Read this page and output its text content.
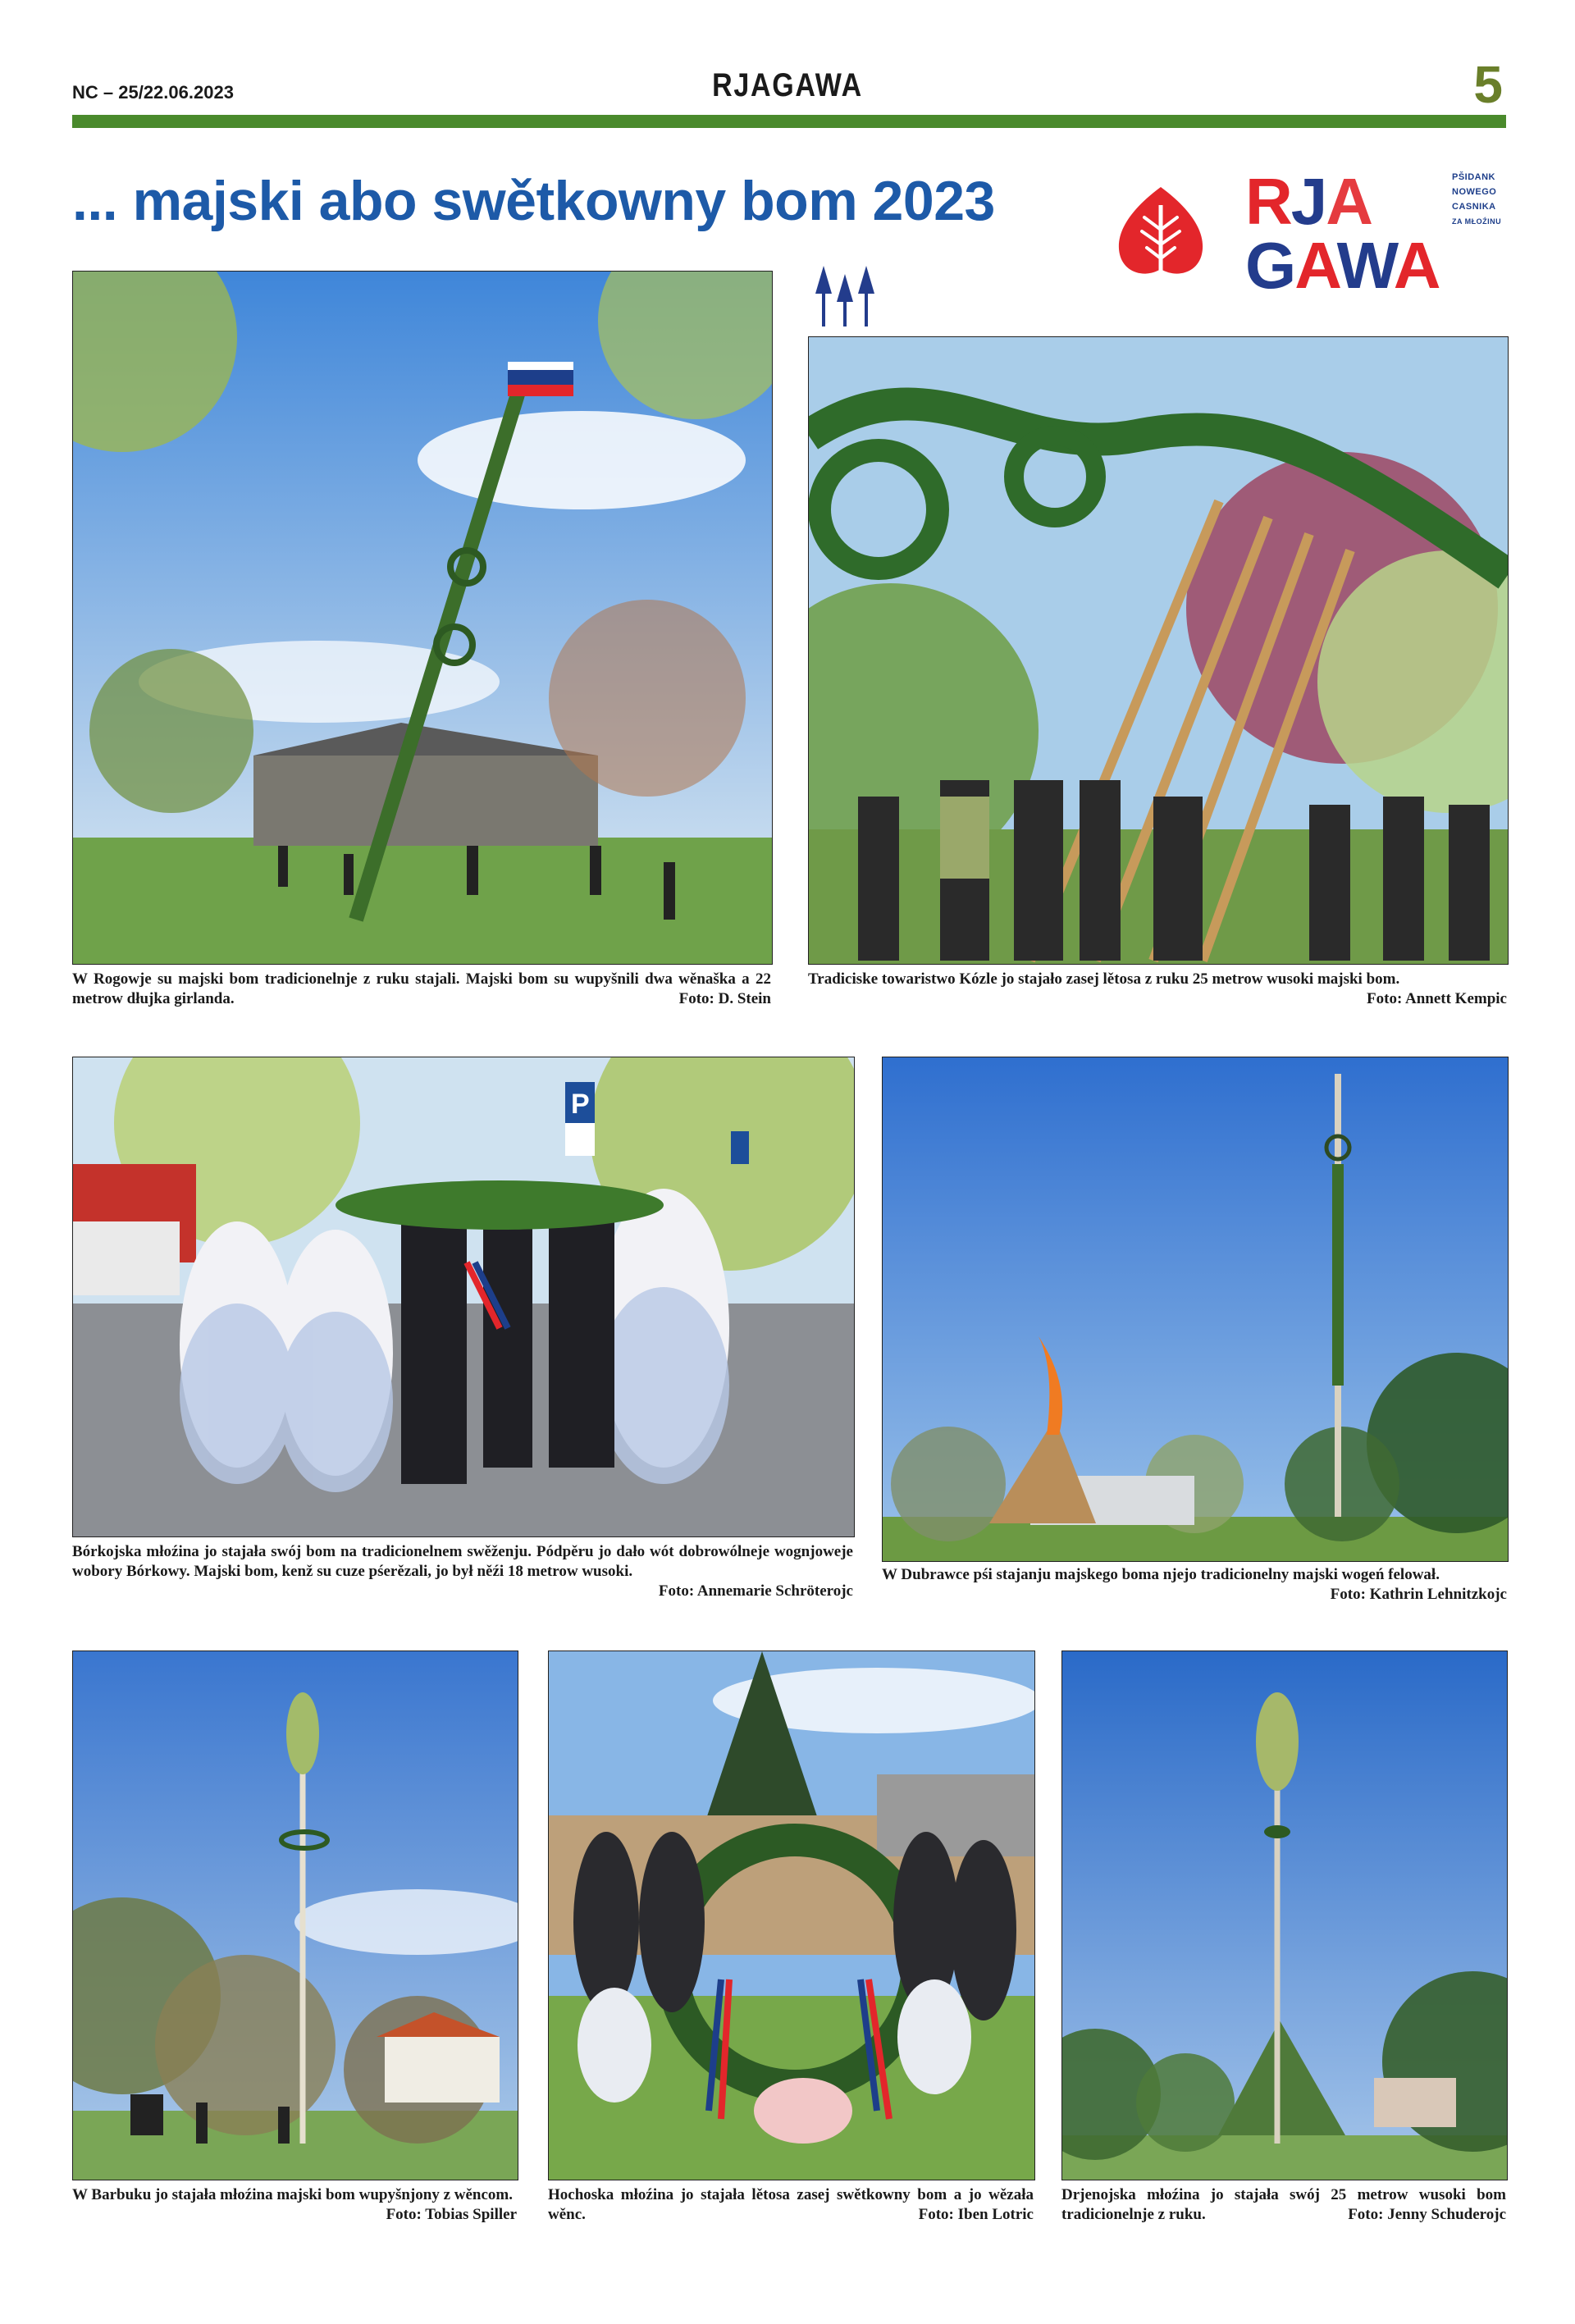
NC – 25/22.06.2023	RJAGAWA	5
... majski abo swětkowny bom 2023	RJA
GAWA
PŠIDANK
NOWEGO
CASNIKA
ZA MŁOŹINU
W Rogowje su majski bom tradicionelnje z ruku stajali. Majski bom su wupyšnili dwa wěnaška a 22 metrow dłujka girlanda.	Foto: D. Stein
Tradiciske towaristwo Kózle jo stajało zasej lětosa z ruku 25 metrow wusoki majski bom.
Foto: Annett Kempic
P
Bórkojska młoźina jo stajała swój bom na tradicionelnem swěženju. Pódpěru jo dało wót dobrowólneje wognjoweje wobory Bórkowy. Majski bom, kenž su cuze pśerězali, jo był něźi 18 metrow wusoki.
Foto: Annemarie Schröterojc
W Dubrawce pśi stajanju majskego boma njejo tradicionelny majski wogeń felował.
Foto: Kathrin Lehnitzkojc
W Barbuku jo stajała młoźina majski bom wupyšnjony z wěncom.
Foto: Tobias Spiller
Hochoska młoźina jo stajała lětosa zasej swětkowny bom a jo wězała wěnc.	Foto: Iben Lotric
Drjenojska młoźina jo stajała swój 25 metrow wusoki bom tradicionelnje z ruku.	Foto: Jenny Schuderojc
